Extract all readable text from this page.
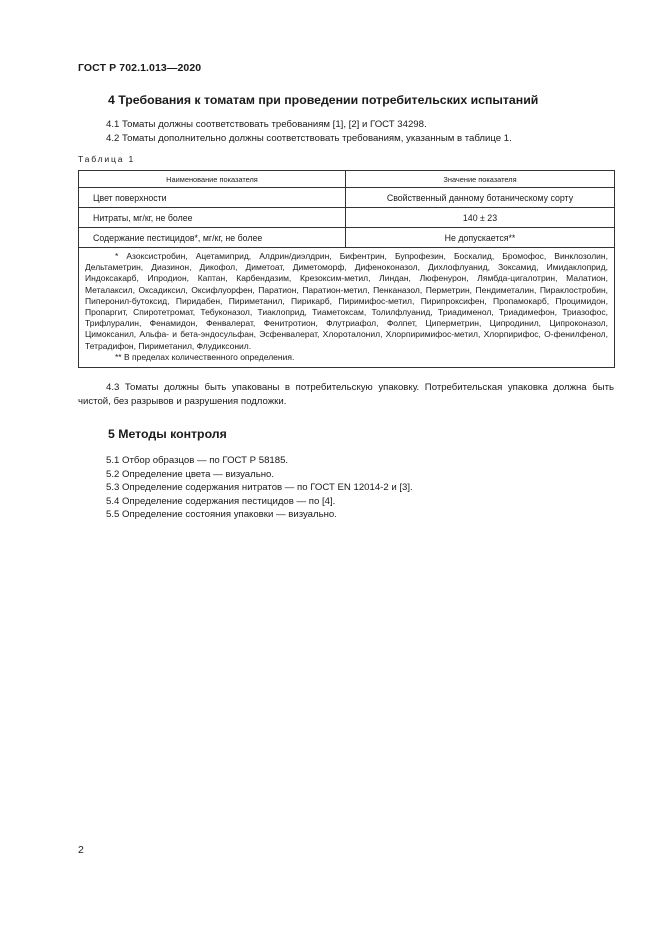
ГОСТ Р 702.1.013—2020
4 Требования к томатам при проведении потребительских испытаний

4.1 Томаты должны соответствовать требованиям [1], [2] и ГОСТ 34298.

4.2 Томаты дополнительно должны соответствовать требованиям, указанным в таблице 1.

Таблица 1

Наименование показателя	Значение показателя
Цвет поверхности	Свойственный данному ботаническому сорту
Нитраты, мг/кг, не более	140 ± 23
Содержание пестицидов*, мг/кг, не более	Не допускается**

* Азоксистробин, Ацетамиприд, Алдрин/диэлдрин, Бифентрин, Бупрофезин, Боскалид, Бромофос, Винклозолин, Дельтаметрин, Диазинон, Дикофол, Диметоат, Диметоморф, Дифеноконазол, Дихлофлуанид, Зоксамид, Имидаклоприд, Индоксакарб, Ипродион, Каптан, Карбендазим, Крезоксим-метил, Линдан, Люфенурон, Лямбда-цигалотрин, Малатион, Металаксил, Оксадиксил, Оксифлуорфен, Паратион, Паратион-метил, Пенканазол, Перметрин, Пендиметалин, Пираклостробин, Пиперонил-бутоксид, Пиридабен, Пириметанил, Пирикарб, Пиримифос-метил, Пирипроксифен, Пропамокарб, Процимидон, Пропаргит, Спиротетромат, Тебуконазол, Тиаклоприд, Тиаметоксам, Толилфлуанид, Триадименол, Триадимефон, Триазофос, Трифлуралин, Фенамидон, Фенвалерат, Фенитротион, Флутриафол, Фолпет, Циперметрин, Ципродинил, Ципроконазол, Цимоксанил, Альфа- и бета-эндосульфан, Эсфенвалерат, Хлороталонил, Хлорпиримифос-метил, Хлорпирифос, О-фенилфенол, Тетрадифон, Пириметанил, Флудиксонил.

** В пределах количественного определения.	

4.3 Томаты должны быть упакованы в потребительскую упаковку. Потребительская упаковка должна быть чистой, без разрывов и разрушения подложки.

5 Методы контроля

5.1 Отбор образцов — по ГОСТ Р 58185.

5.2 Определение цвета — визуально.

5.3 Определение содержания нитратов — по ГОСТ EN 12014-2 и [3].

5.4 Определение содержания пестицидов — по [4].

5.5 Определение состояния упаковки — визуально.

2
